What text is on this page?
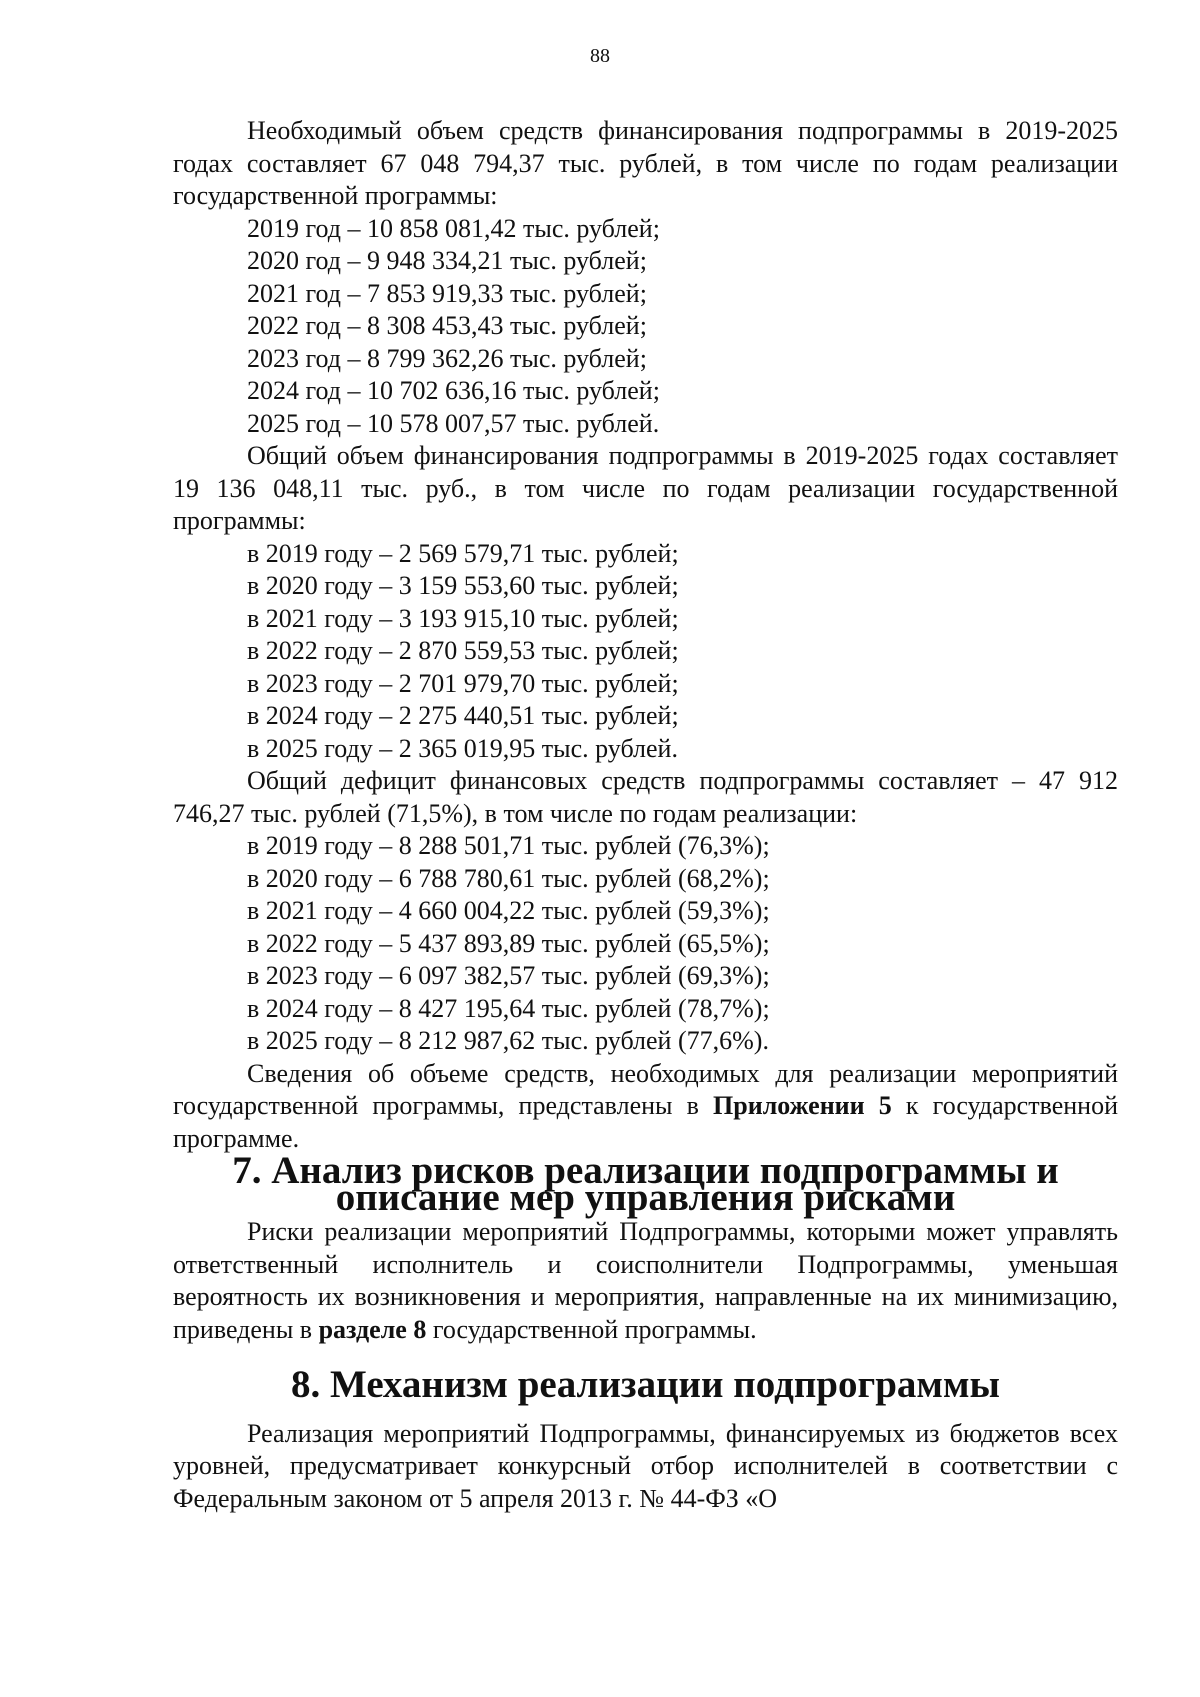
88

Необходимый объем средств финансирования подпрограммы в 2019-2025 годах составляет 67 048 794,37 тыс. рублей, в том числе по годам реализации государственной программы:

2019 год – 10 858 081,42 тыс. рублей;

2020 год – 9 948 334,21 тыс. рублей;

2021 год – 7 853 919,33 тыс. рублей;

2022 год – 8 308 453,43 тыс. рублей;

2023 год – 8 799 362,26 тыс. рублей;

2024 год – 10 702 636,16 тыс. рублей;

2025 год – 10 578 007,57 тыс. рублей.

Общий объем финансирования подпрограммы в 2019-2025 годах составляет 19 136 048,11 тыс. руб., в том числе по годам реализации государственной программы:

в 2019 году – 2 569 579,71 тыс. рублей;

в 2020 году – 3 159 553,60 тыс. рублей;

в 2021 году – 3 193 915,10 тыс. рублей;

в 2022 году – 2 870 559,53 тыс. рублей;

в 2023 году – 2 701 979,70 тыс. рублей;

в 2024 году – 2 275 440,51 тыс. рублей;

в 2025 году – 2 365 019,95 тыс. рублей.

Общий дефицит финансовых средств подпрограммы составляет – 47 912 746,27 тыс. рублей (71,5%), в том числе по годам реализации:

в 2019 году – 8 288 501,71 тыс. рублей (76,3%);

в 2020 году – 6 788 780,61 тыс. рублей (68,2%);

в 2021 году – 4 660 004,22 тыс. рублей (59,3%);

в 2022 году – 5 437 893,89 тыс. рублей (65,5%);

в 2023 году – 6 097 382,57 тыс. рублей (69,3%);

в 2024 году – 8 427 195,64 тыс. рублей (78,7%);

в 2025 году – 8 212 987,62 тыс. рублей (77,6%).

Сведения об объеме средств, необходимых для реализации мероприятий государственной программы, представлены в Приложении 5 к государственной программе.

7. Анализ рисков реализации подпрограммы и описание мер управления рисками

Риски реализации мероприятий Подпрограммы, которыми может управлять ответственный исполнитель и соисполнители Подпрограммы, уменьшая вероятность их возникновения и мероприятия, направленные на их минимизацию, приведены в разделе 8 государственной программы.

8. Механизм реализации подпрограммы

Реализация мероприятий Подпрограммы, финансируемых из бюджетов всех уровней, предусматривает конкурсный отбор исполнителей в соответствии с Федеральным законом от 5 апреля 2013 г. № 44-ФЗ «О
